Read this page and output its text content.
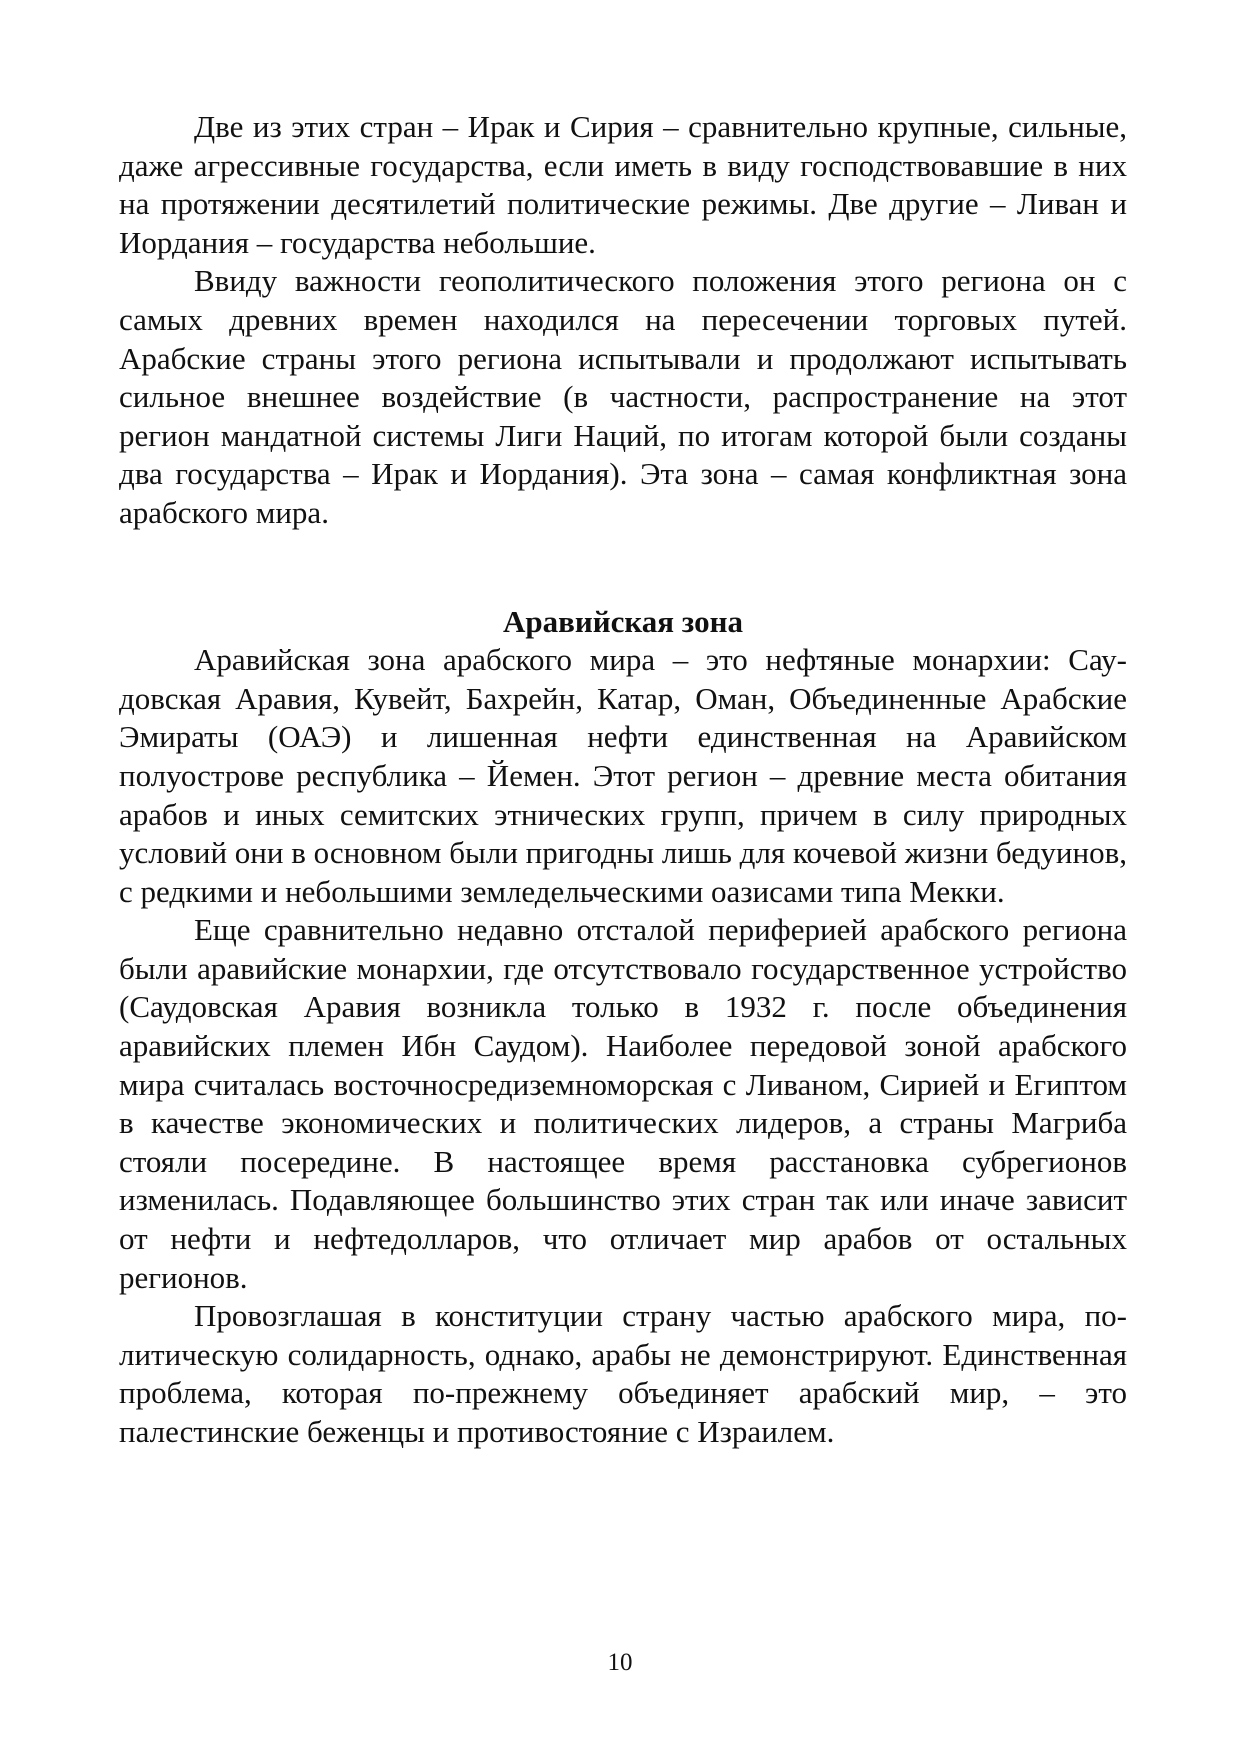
Две из этих стран – Ирак и Сирия – сравнительно крупные, сильные, даже агрессивные государства, если иметь в виду господствовавшие в них на протяжении десятилетий политические режимы. Две другие – Ливан и Иордания – государства небольшие.

Ввиду важности геополитического положения этого региона он с самых древних времен находился на пересечении торговых путей. Арабские страны этого региона испытывали и продолжают испытывать сильное внешнее воздействие (в частности, распространение на этот регион мандатной системы Лиги Наций, по итогам которой были созданы два государства – Ирак и Иордания). Эта зона – самая конфликтная зона арабского мира.

Аравийская зона

Аравийская зона арабского мира – это нефтяные монархии: Саудовская Аравия, Кувейт, Бахрейн, Катар, Оман, Объединенные Арабские Эмираты (ОАЭ) и лишенная нефти единственная на Аравийском полуострове республика – Йемен. Этот регион – древние места обитания арабов и иных семитских этнических групп, причем в силу природных условий они в основном были пригодны лишь для кочевой жизни бедуинов, с редкими и небольшими земледельческими оазисами типа Мекки.

Еще сравнительно недавно отсталой периферией арабского региона были аравийские монархии, где отсутствовало государственное устройство (Саудовская Аравия возникла только в 1932 г. после объединения аравийских племен Ибн Саудом). Наиболее передовой зоной арабского мира считалась восточносредиземноморская с Ливаном, Сирией и Египтом в качестве экономических и политических лидеров, а страны Магриба стояли посередине. В настоящее время расстановка субрегионов изменилась. Подавляющее большинство этих стран так или иначе зависит от нефти и нефтедолларов, что отличает мир арабов от остальных регионов.

Провозглашая в конституции страну частью арабского мира, политическую солидарность, однако, арабы не демонстрируют. Единственная проблема, которая по-прежнему объединяет арабский мир, – это палестинские беженцы и противостояние с Израилем.

10
